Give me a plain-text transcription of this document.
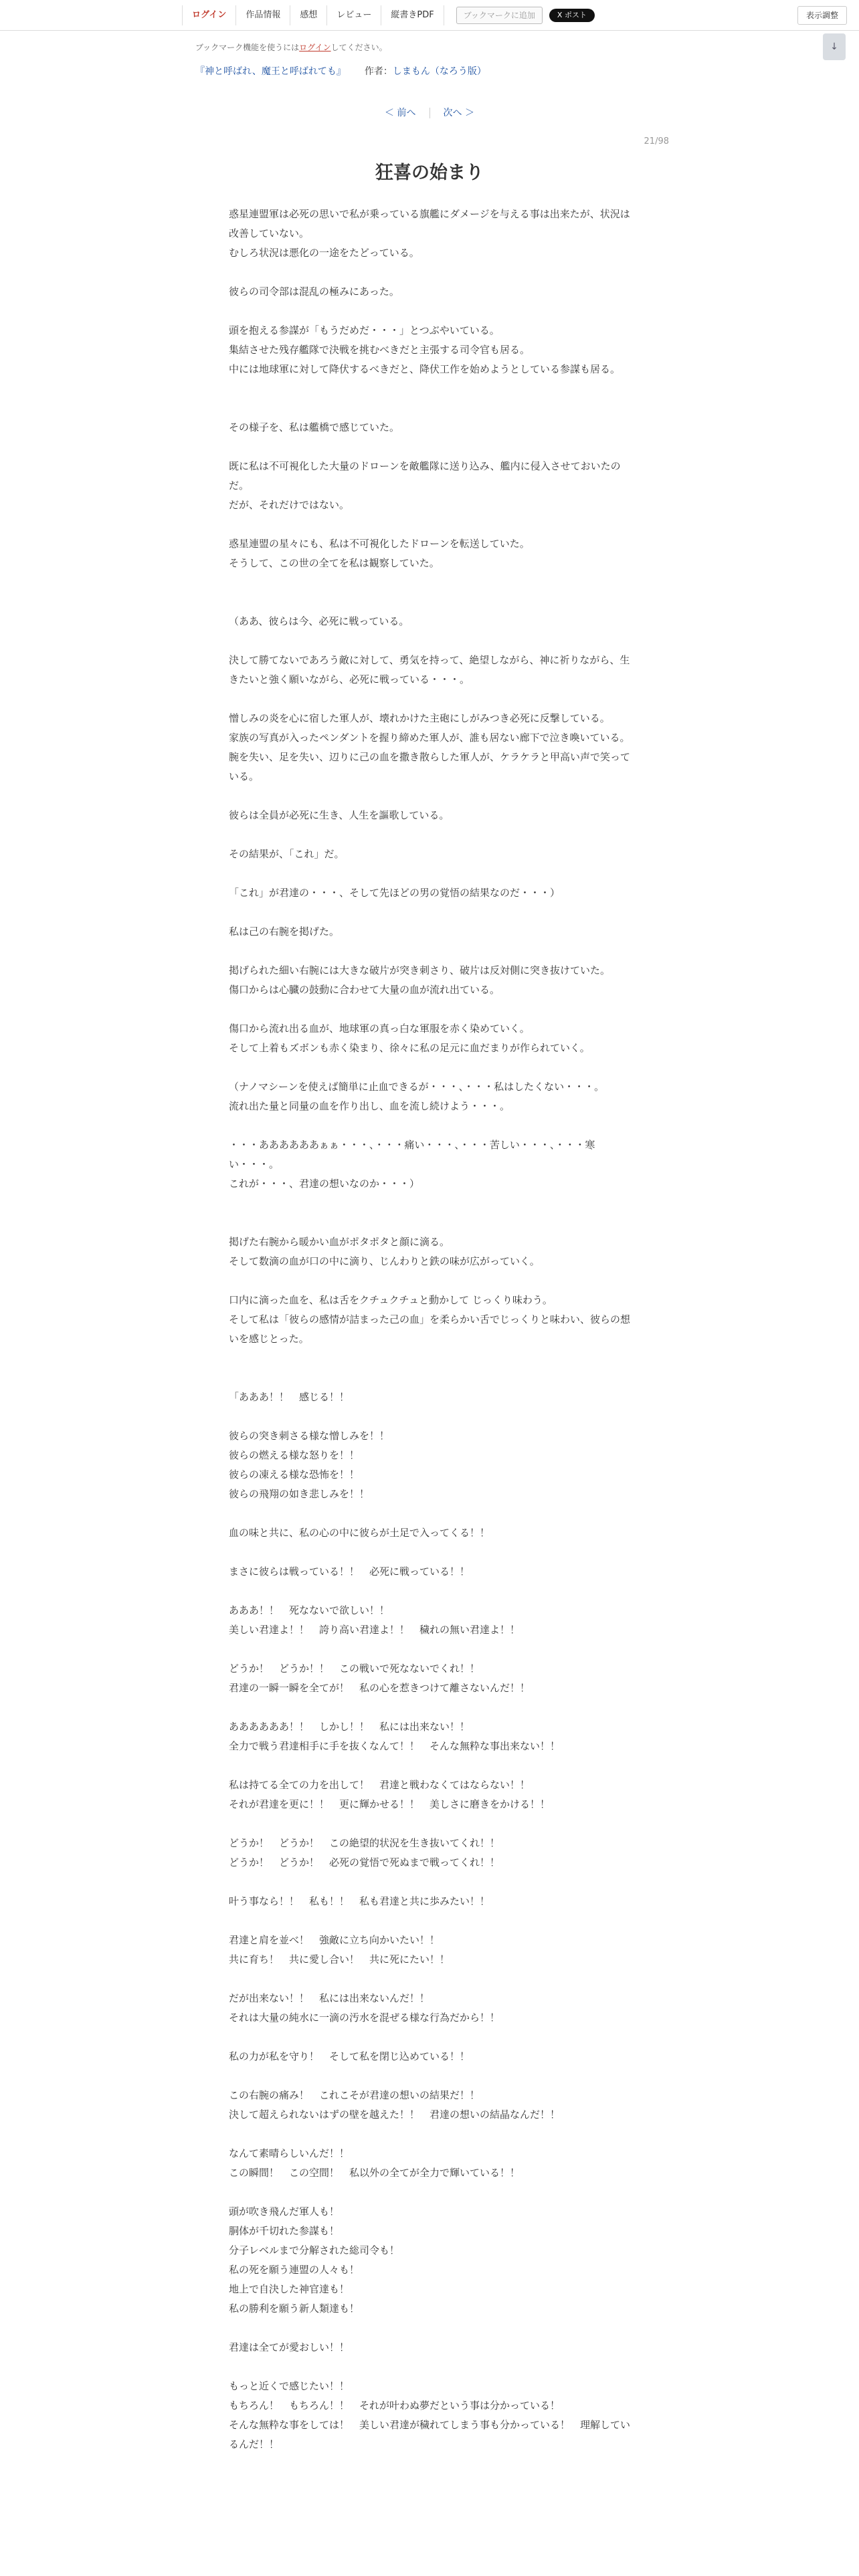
ログイン	作品情報	感想	レビュー	縦書きPDF	ブックマークに追加	X ポスト	表示調整
ブックマーク機能を使うにはログインしてください。	↓
『神と呼ばれ、魔王と呼ばれても』 作者：しまもん（なろう版）
＜ 前へ	次へ ＞
21/98
狂喜の始まり

惑星連盟軍は必死の思いで私が乗っている旗艦にダメージを与える事は出来たが、状況は改善していない。

むしろ状況は悪化の一途をたどっている。

彼らの司令部は混乱の極みにあった。

頭を抱える参謀が「もうだめだ・・・」とつぶやいている。

集結させた残存艦隊で決戦を挑むべきだと主張する司令官も居る。

中には地球軍に対して降伏するべきだと、降伏工作を始めようとしている参謀も居る。

その様子を、私は艦橋で感じていた。

既に私は不可視化した大量のドローンを敵艦隊に送り込み、艦内に侵入させておいたのだ。

だが、それだけではない。

惑星連盟の星々にも、私は不可視化したドローンを転送していた。

そうして、この世の全てを私は観察していた。

（ああ、彼らは今、必死に戦っている。

決して勝てないであろう敵に対して、勇気を持って、絶望しながら、神に祈りながら、生きたいと強く願いながら、必死に戦っている・・・。

憎しみの炎を心に宿した軍人が、壊れかけた主砲にしがみつき必死に反撃している。

家族の写真が入ったペンダントを握り締めた軍人が、誰も居ない廊下で泣き喚いている。

腕を失い、足を失い、辺りに己の血を撒き散らした軍人が、ケラケラと甲高い声で笑っている。

彼らは全員が必死に生き、人生を謳歌している。

その結果が、「これ」だ。

「これ」が君達の・・・、そして先ほどの男の覚悟の結果なのだ・・・）

私は己の右腕を掲げた。

掲げられた細い右腕には大きな破片が突き刺さり、破片は反対側に突き抜けていた。

傷口からは心臓の鼓動に合わせて大量の血が流れ出ている。

傷口から流れ出る血が、地球軍の真っ白な軍服を赤く染めていく。

そして上着もズボンも赤く染まり、徐々に私の足元に血だまりが作られていく。

（ナノマシーンを使えば簡単に止血できるが・・・、・・・私はしたくない・・・。

流れ出た量と同量の血を作り出し、血を流し続けよう・・・。

・・・ああああああぁぁ・・・、・・・痛い・・・、・・・苦しい・・・、・・・寒い・・・。

これが・・・、君達の想いなのか・・・）

掲げた右腕から暖かい血がポタポタと顔に滴る。

そして数滴の血が口の中に滴り、じんわりと鉄の味が広がっていく。

口内に滴った血を、私は舌をクチュクチュと動かして じっくり味わう。

そして私は「彼らの感情が詰まった己の血」を柔らかい舌でじっくりと味わい、彼らの想いを感じとった。

「あああ！！　感じる！！

彼らの突き刺さる様な憎しみを！！

彼らの燃える様な怒りを！！

彼らの凍える様な恐怖を！！

彼らの飛翔の如き悲しみを！！

血の味と共に、私の心の中に彼らが土足で入ってくる！！

まさに彼らは戦っている！！　必死に戦っている！！

あああ！！　死なないで欲しい！！

美しい君達よ！！　誇り高い君達よ！！　穢れの無い君達よ！！

どうか！　どうか！！　この戦いで死なないでくれ！！

君達の一瞬一瞬を全てが！　私の心を惹きつけて離さないんだ！！

ああああああ！！　しかし！！　私には出来ない！！

全力で戦う君達相手に手を抜くなんて！！　そんな無粋な事出来ない！！

私は持てる全ての力を出して！　君達と戦わなくてはならない！！

それが君達を更に！！　更に輝かせる！！　美しさに磨きをかける！！

どうか！　どうか！　この絶望的状況を生き抜いてくれ！！

どうか！　どうか！　必死の覚悟で死ぬまで戦ってくれ！！

叶う事なら！！　私も！！　私も君達と共に歩みたい！！

君達と肩を並べ！　強敵に立ち向かいたい！！

共に育ち！　共に愛し合い！　共に死にたい！！

だが出来ない！！　私には出来ないんだ！！

それは大量の純水に一滴の汚水を混ぜる様な行為だから！！

私の力が私を守り！　そして私を閉じ込めている！！

この右腕の痛み！　これこそが君達の想いの結果だ！！

決して超えられないはずの壁を越えた！！　君達の想いの結晶なんだ！！

なんて素晴らしいんだ！！

この瞬間！　この空間！　私以外の全てが全力で輝いている！！

頭が吹き飛んだ軍人も！

胴体が千切れた参謀も！

分子レベルまで分解された総司令も！

私の死を願う連盟の人々も！

地上で自決した神官達も！

私の勝利を願う新人類達も！

君達は全てが愛おしい！！

もっと近くで感じたい！！

もちろん！　もちろん！！　それが叶わぬ夢だという事は分かっている！

そんな無粋な事をしては！　美しい君達が穢れてしまう事も分かっている！　理解しているんだ！！
